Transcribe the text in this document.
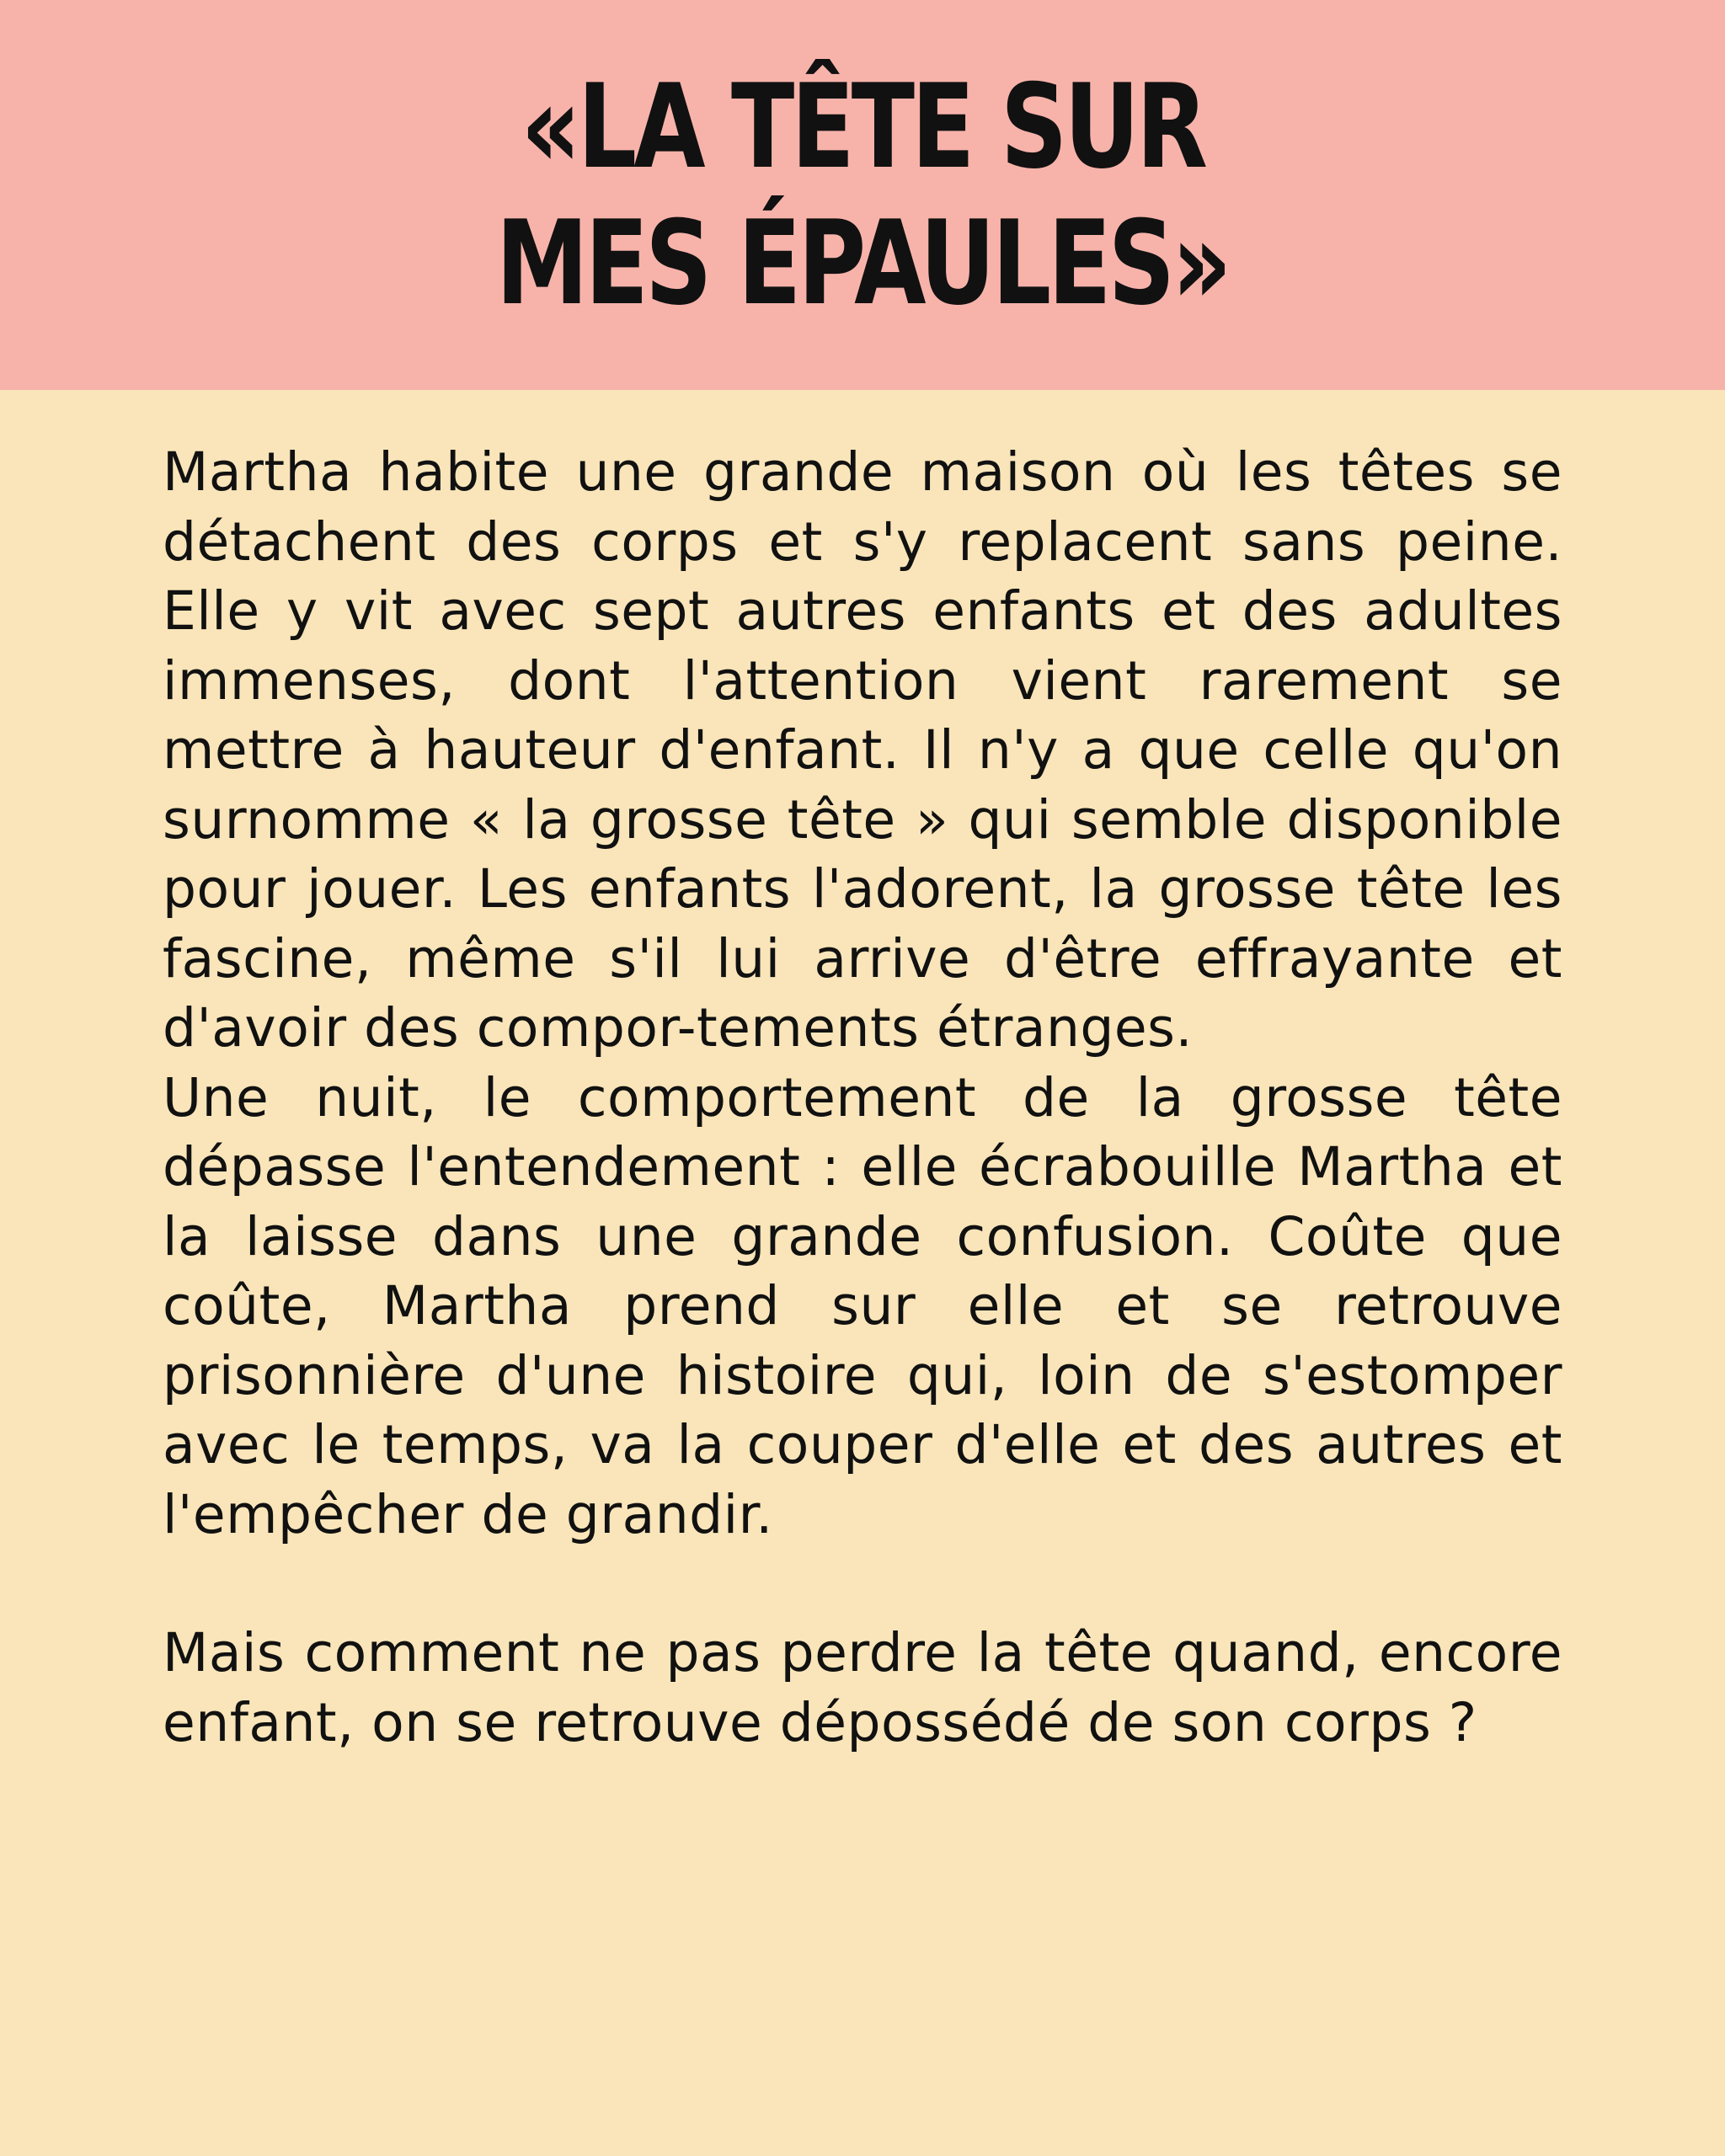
«LA TÊTE SUR
MES ÉPAULES»

Martha habite une grande maison où les têtes se détachent des corps et s'y replacent sans peine. Elle y vit avec sept autres enfants et des adultes immenses, dont l'attention vient rarement se mettre à hauteur d'enfant. Il n'y a que celle qu'on surnomme « la grosse tête » qui semble disponible pour jouer. Les enfants l'adorent, la grosse tête les fascine, même s'il lui arrive d'être effrayante et d'avoir des compor-tements étranges.

Une nuit, le comportement de la grosse tête dépasse l'entendement : elle écrabouille Martha et la laisse dans une grande confusion. Coûte que coûte, Martha prend sur elle et se retrouve prisonnière d'une histoire qui, loin de s'estomper avec le temps, va la couper d'elle et des autres et l'empêcher de grandir.

Mais comment ne pas perdre la tête quand, encore enfant, on se retrouve dépossédé de son corps ?
